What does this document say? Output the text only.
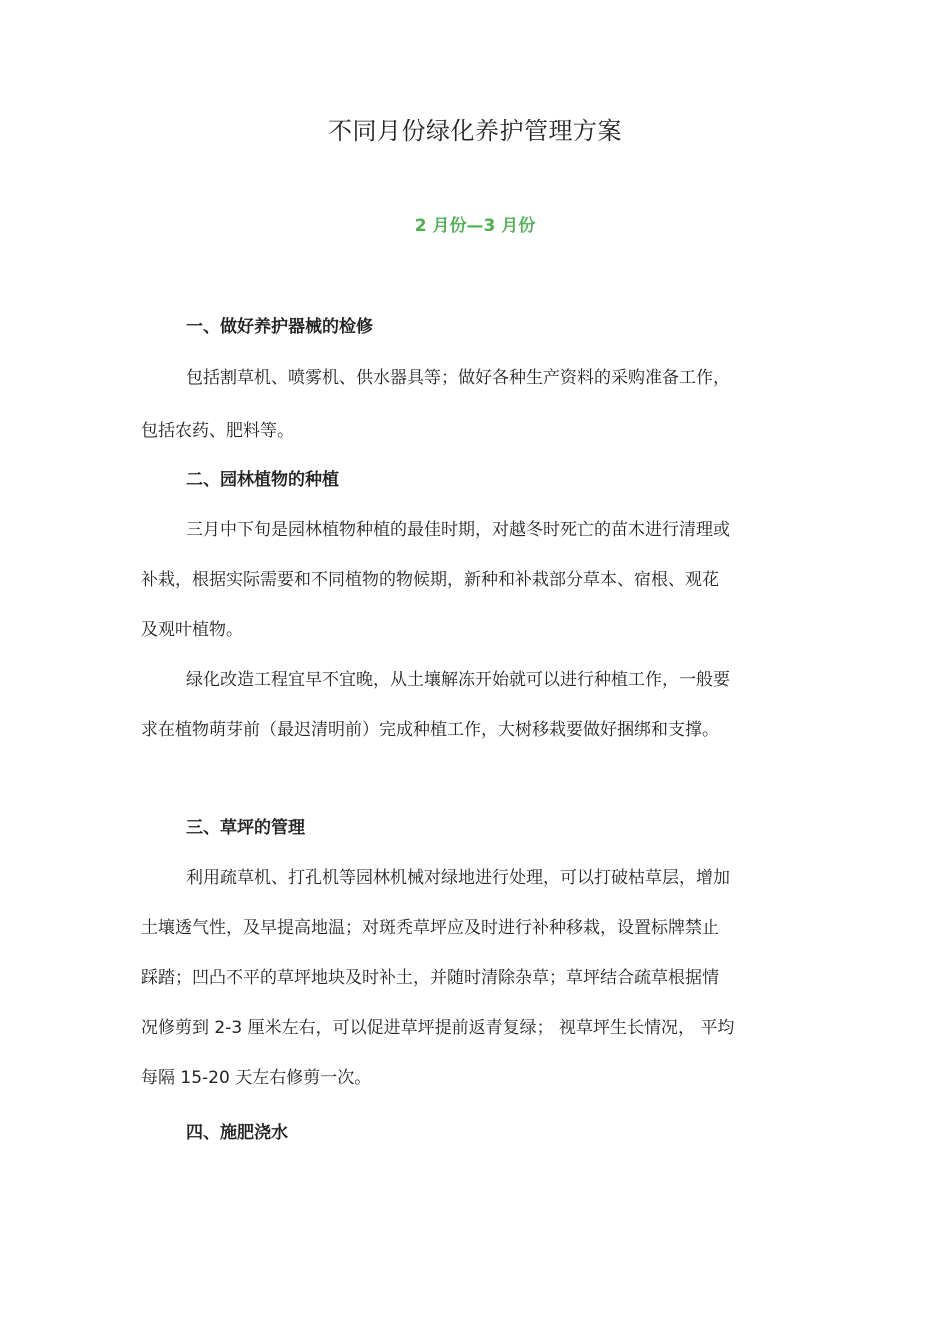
不同月份绿化养护管理方案
2 月份—3 月份
一、做好养护器械的检修
包括割草机、喷雾机、供水器具等；做好各种生产资料的采购准备工作，
包括农药、肥料等。
二、园林植物的种植
三月中下旬是园林植物种植的最佳时期，对越冬时死亡的苗木进行清理或
补栽，根据实际需要和不同植物的物候期，新种和补栽部分草本、宿根、观花
及观叶植物。
绿化改造工程宜早不宜晚，从土壤解冻开始就可以进行种植工作，一般要
求在植物萌芽前（最迟清明前）完成种植工作，大树移栽要做好捆绑和支撑。
三、草坪的管理
利用疏草机、打孔机等园林机械对绿地进行处理，可以打破枯草层，增加
土壤透气性，及早提高地温；对斑秃草坪应及时进行补种移栽，设置标牌禁止
踩踏；凹凸不平的草坪地块及时补土，并随时清除杂草；草坪结合疏草根据情
况修剪到 2-3 厘米左右，可以促进草坪提前返青复绿； 视草坪生长情况， 平均
每隔 15-20 天左右修剪一次。
四、施肥浇水
